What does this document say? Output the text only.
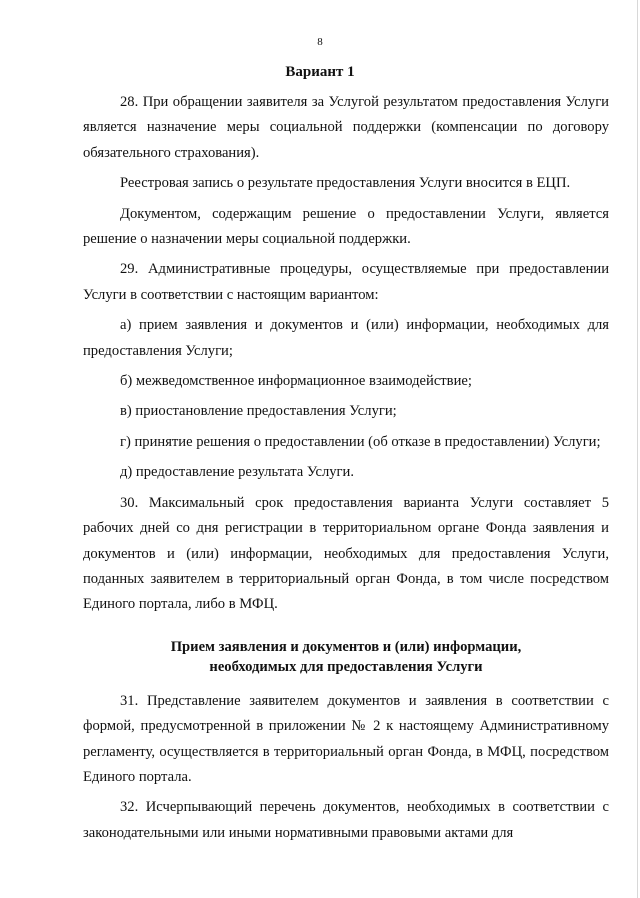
8
Вариант 1

28. При обращении заявителя за Услугой результатом предоставления Услуги является назначение меры социальной поддержки (компенсации по договору обязательного страхования).

Реестровая запись о результате предоставления Услуги вносится в ЕЦП.

Документом, содержащим решение о предоставлении Услуги, является решение о назначении меры социальной поддержки.

29. Административные процедуры, осуществляемые при предоставлении Услуги в соответствии с настоящим вариантом:

а) прием заявления и документов и (или) информации, необходимых для предоставления Услуги;

б) межведомственное информационное взаимодействие;

в) приостановление предоставления Услуги;

г) принятие решения о предоставлении (об отказе в предоставлении) Услуги;

д) предоставление результата Услуги.

30. Максимальный срок предоставления варианта Услуги составляет 5 рабочих дней со дня регистрации в территориальном органе Фонда заявления и документов и (или) информации, необходимых для предоставления Услуги, поданных заявителем в территориальный орган Фонда, в том числе посредством Единого портала, либо в МФЦ.

Прием заявления и документов и (или) информации,
необходимых для предоставления Услуги

31. Представление заявителем документов и заявления в соответствии с формой, предусмотренной в приложении № 2 к настоящему Административному регламенту, осуществляется в территориальный орган Фонда, в МФЦ, посредством Единого портала.

32. Исчерпывающий перечень документов, необходимых в соответствии с законодательными или иными нормативными правовыми актами для
